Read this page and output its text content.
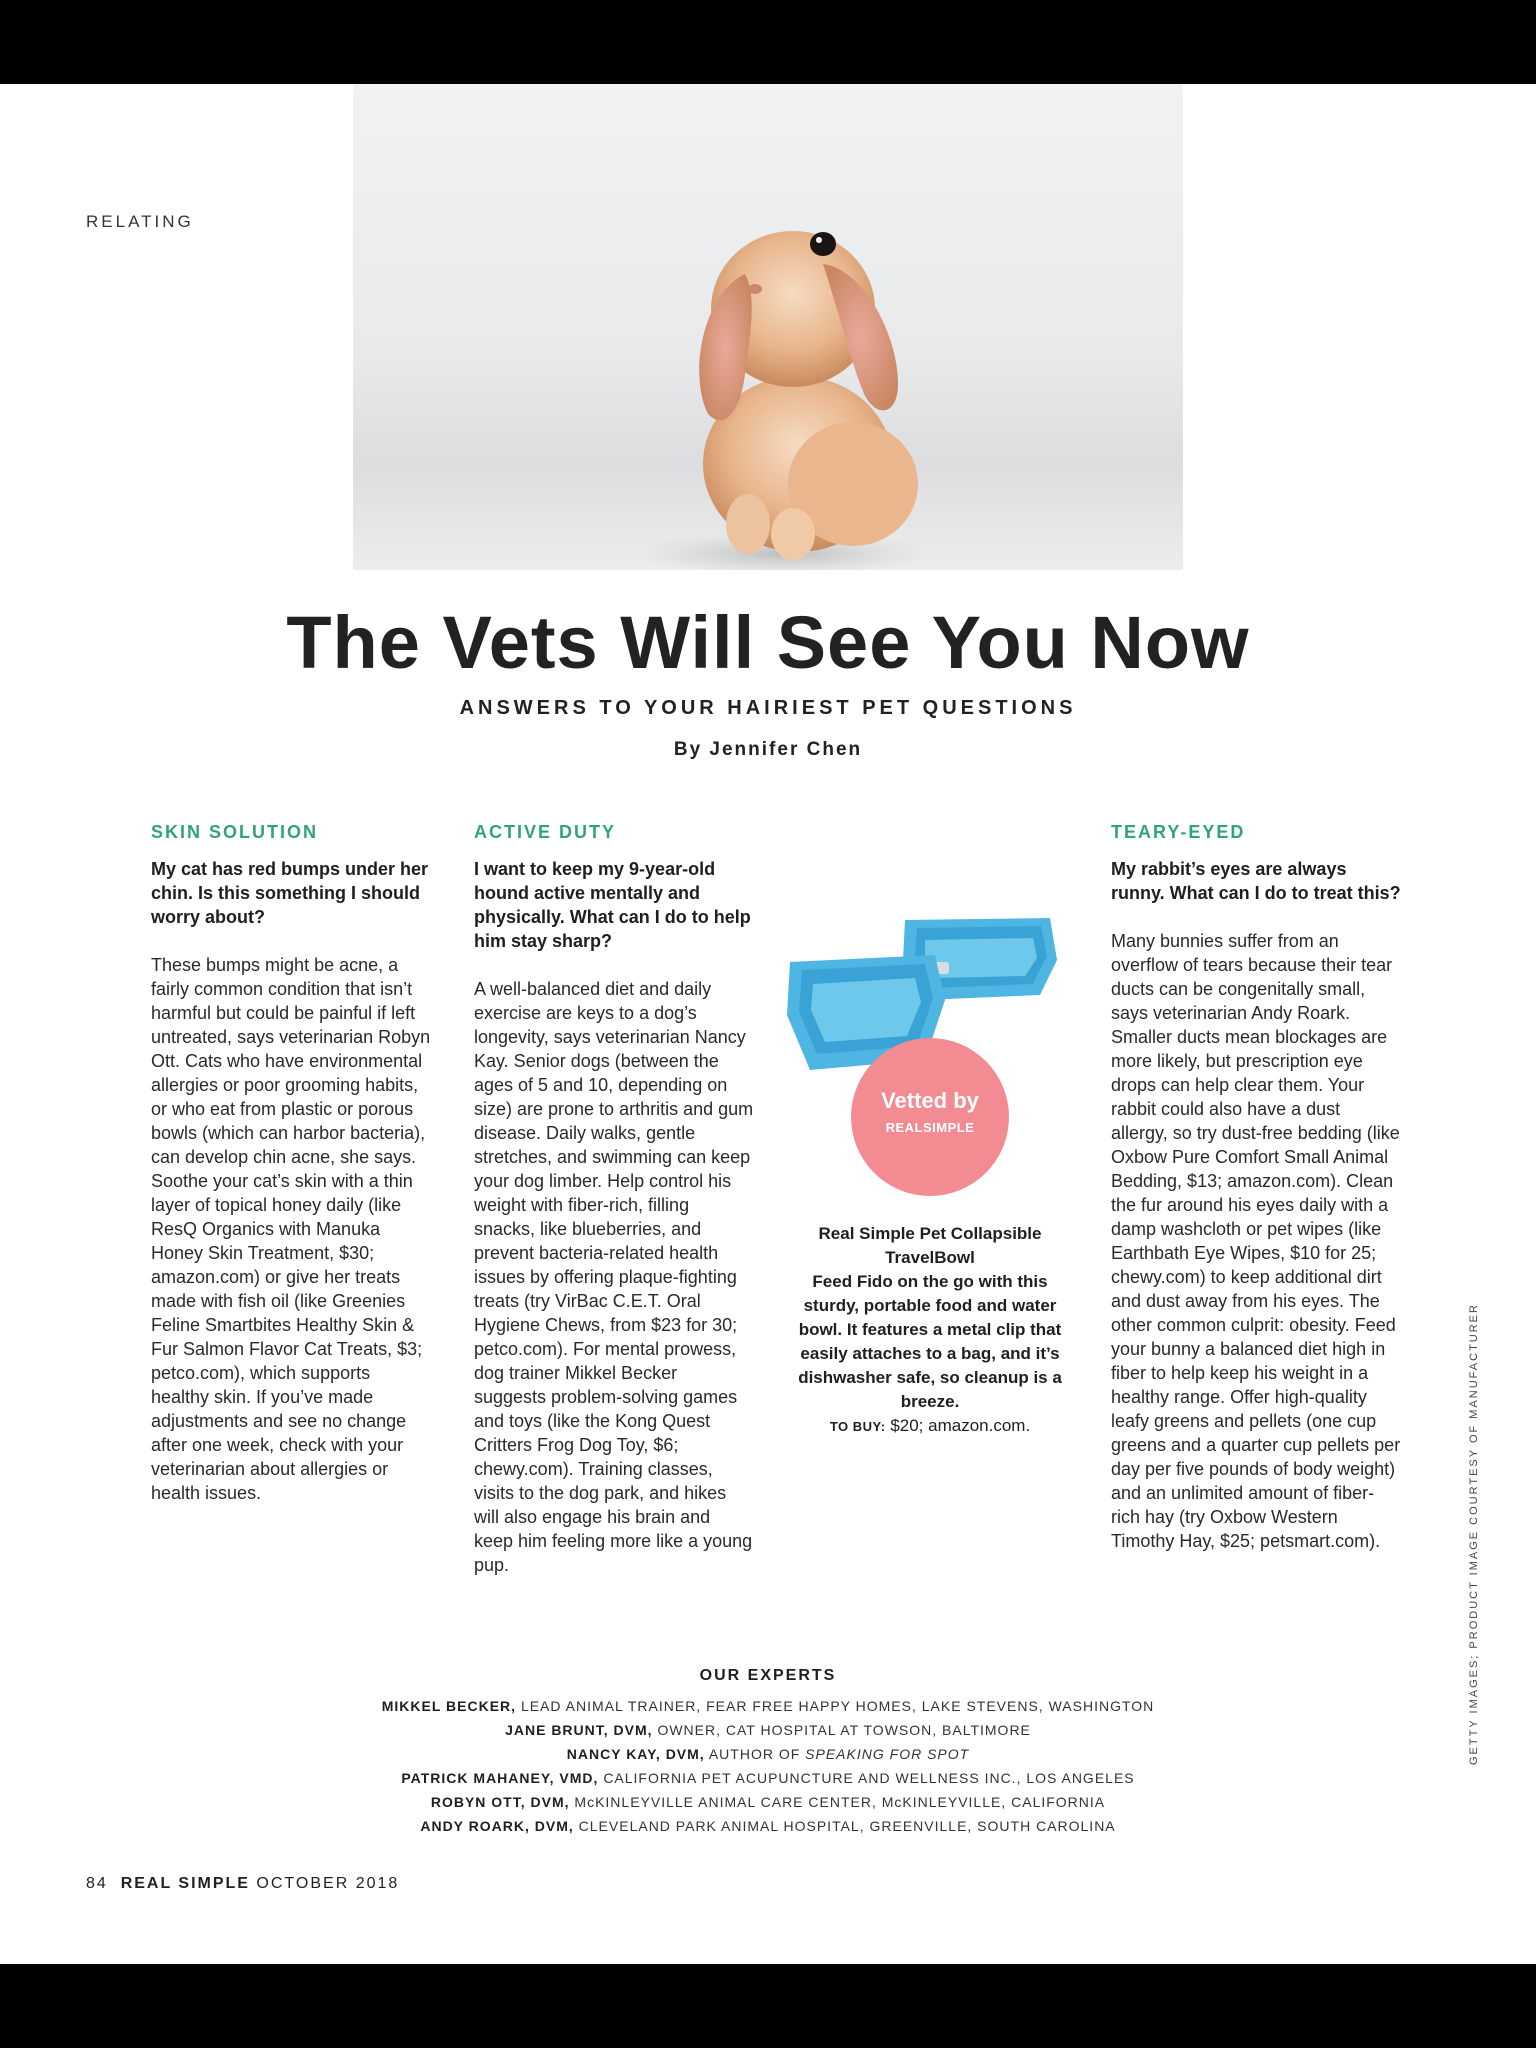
RELATING
The Vets Will See You Now
ANSWERS TO YOUR HAIRIEST PET QUESTIONS
By Jennifer Chen
SKIN SOLUTION

My cat has red bumps under her chin. Is this something I should worry about?

These bumps might be acne, a fairly common condition that isn’t harmful but could be painful if left untreated, says veterinarian Robyn Ott. Cats who have environmental allergies or poor grooming habits, or who eat from plastic or porous bowls (which can harbor bacteria), can develop chin acne, she says. Soothe your cat’s skin with a thin layer of topical honey daily (like ResQ Organics with Manuka Honey Skin Treatment, $30; amazon.com) or give her treats made with fish oil (like Greenies Feline Smartbites Healthy Skin & Fur Salmon Flavor Cat Treats, $3; petco.com), which supports healthy skin. If you’ve made adjustments and see no change after one week, check with your veterinarian about allergies or health issues.

ACTIVE DUTY

I want to keep my 9-year-old hound active mentally and physically. What can I do to help him stay sharp?

A well-balanced diet and daily exercise are keys to a dog’s longevity, says veterinarian Nancy Kay. Senior dogs (between the ages of 5 and 10, depending on size) are prone to arthritis and gum disease. Daily walks, gentle stretches, and swimming can keep your dog limber. Help control his weight with fiber-rich, filling snacks, like blueberries, and prevent bacteria-related health issues by offering plaque-fighting treats (try VirBac C.E.T. Oral Hygiene Chews, from $23 for 30; petco.com). For mental prowess, dog trainer Mikkel Becker suggests problem-solving games and toys (like the Kong Quest Critters Frog Dog Toy, $6; chewy.com). Training classes, visits to the dog park, and hikes will also engage his brain and keep him feeling more like a young pup.

Vetted by
REALSIMPLE
Real Simple Pet Collapsible TravelBowl
Feed Fido on the go with this sturdy, portable food and water bowl. It features a metal clip that easily attaches to a bag, and it’s dishwasher safe, so cleanup is a breeze.
TO BUY: $20; amazon.com.
TEARY-EYED

My rabbit’s eyes are always runny. What can I do to treat this?

Many bunnies suffer from an overflow of tears because their tear ducts can be congenitally small, says veterinarian Andy Roark. Smaller ducts mean blockages are more likely, but prescription eye drops can help clear them. Your rabbit could also have a dust allergy, so try dust-free bedding (like Oxbow Pure Comfort Small Animal Bedding, $13; amazon.com). Clean the fur around his eyes daily with a damp washcloth or pet wipes (like Earthbath Eye Wipes, $10 for 25; chewy.com) to keep additional dirt and dust away from his eyes. The other common culprit: obesity. Feed your bunny a balanced diet high in fiber to help keep his weight in a healthy range. Offer high-quality leafy greens and pellets (one cup greens and a quarter cup pellets per day per five pounds of body weight) and an unlimited amount of fiber-rich hay (try Oxbow Western Timothy Hay, $25; petsmart.com).

OUR EXPERTS
MIKKEL BECKER, LEAD ANIMAL TRAINER, FEAR FREE HAPPY HOMES, LAKE STEVENS, WASHINGTON
JANE BRUNT, DVM, OWNER, CAT HOSPITAL AT TOWSON, BALTIMORE
NANCY KAY, DVM, AUTHOR OF SPEAKING FOR SPOT
PATRICK MAHANEY, VMD, CALIFORNIA PET ACUPUNCTURE AND WELLNESS INC., LOS ANGELES
ROBYN OTT, DVM, McKINLEYVILLE ANIMAL CARE CENTER, McKINLEYVILLE, CALIFORNIA
ANDY ROARK, DVM, CLEVELAND PARK ANIMAL HOSPITAL, GREENVILLE, SOUTH CAROLINA
GETTY IMAGES; PRODUCT IMAGE COURTESY OF MANUFACTURER
84 REAL SIMPLE OCTOBER 2018
